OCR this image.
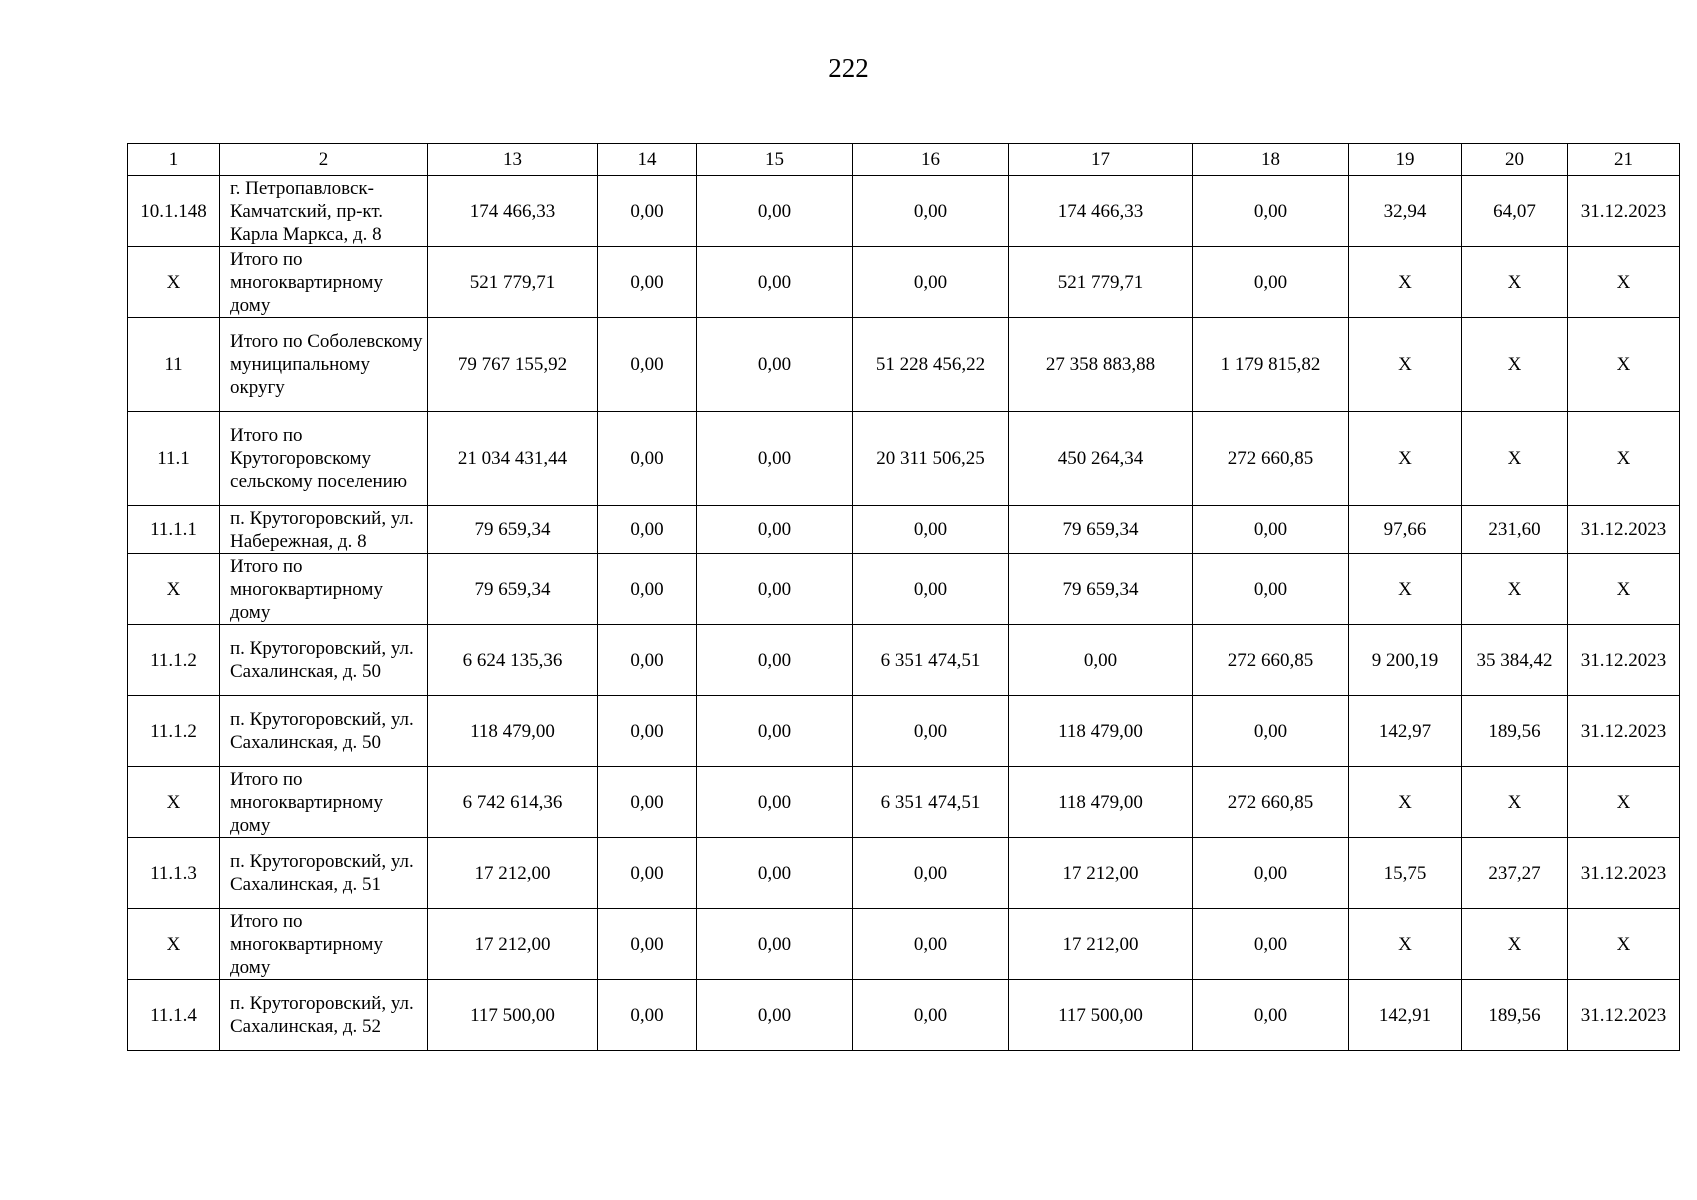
222
1	2	13	14	15	16	17	18	19	20	21
10.1.148	г. Петропавловск-Камчатский, пр-кт. Карла Маркса, д. 8	174 466,33	0,00	0,00	0,00	174 466,33	0,00	32,94	64,07	31.12.2023
X	Итого по многоквартирному дому	521 779,71	0,00	0,00	0,00	521 779,71	0,00	X	X	X
11	Итого по Соболевскому муниципальному округу	79 767 155,92	0,00	0,00	51 228 456,22	27 358 883,88	1 179 815,82	X	X	X
11.1	Итого по Крутогоровскому сельскому поселению	21 034 431,44	0,00	0,00	20 311 506,25	450 264,34	272 660,85	X	X	X
11.1.1	п. Крутогоровский, ул. Набережная, д. 8	79 659,34	0,00	0,00	0,00	79 659,34	0,00	97,66	231,60	31.12.2023
X	Итого по многоквартирному дому	79 659,34	0,00	0,00	0,00	79 659,34	0,00	X	X	X
11.1.2	п. Крутогоровский, ул. Сахалинская, д. 50	6 624 135,36	0,00	0,00	6 351 474,51	0,00	272 660,85	9 200,19	35 384,42	31.12.2023
11.1.2	п. Крутогоровский, ул. Сахалинская, д. 50	118 479,00	0,00	0,00	0,00	118 479,00	0,00	142,97	189,56	31.12.2023
X	Итого по многоквартирному дому	6 742 614,36	0,00	0,00	6 351 474,51	118 479,00	272 660,85	X	X	X
11.1.3	п. Крутогоровский, ул. Сахалинская, д. 51	17 212,00	0,00	0,00	0,00	17 212,00	0,00	15,75	237,27	31.12.2023
X	Итого по многоквартирному дому	17 212,00	0,00	0,00	0,00	17 212,00	0,00	X	X	X
11.1.4	п. Крутогоровский, ул. Сахалинская, д. 52	117 500,00	0,00	0,00	0,00	117 500,00	0,00	142,91	189,56	31.12.2023
